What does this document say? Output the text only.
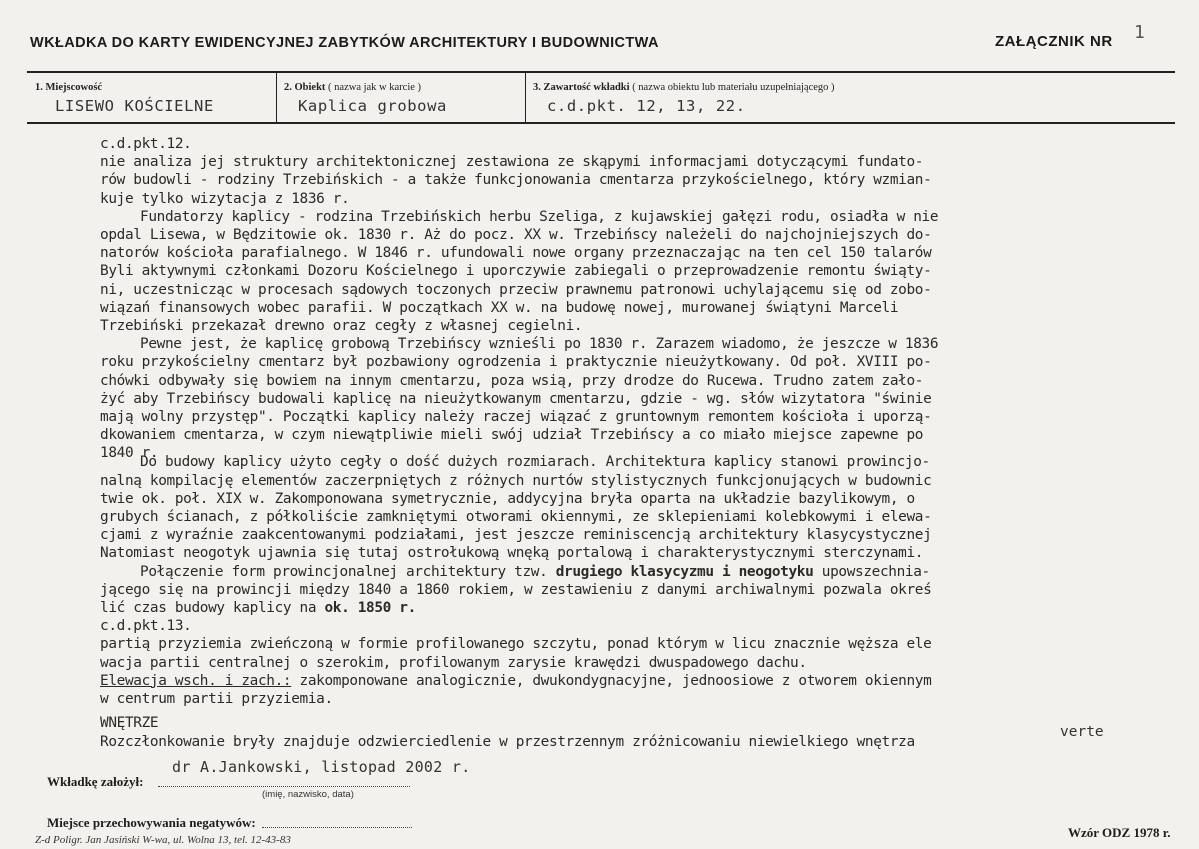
WKŁADKA DO KARTY EWIDENCYJNEJ ZABYTKÓW ARCHITEKTURY I BUDOWNICTWA	ZAŁĄCZNIK NR 1
1. Miejscowość
LISEWO KOŚCIELNE
2. Obiekt ( nazwa jak w karcie )
Kaplica grobowa
3. Zawartość wkładki ( nazwa obiektu lub materiału uzupełniającego )
c.d.pkt. 12, 13, 22.
c.d.pkt.12.
nie analiza jej struktury architektonicznej zestawiona ze skąpymi informacjami dotyczącymi fundato-
rów budowli - rodziny Trzebińskich - a także funkcjonowania cmentarza przykościelnego, który wzmian-
kuje tylko wizytacja z 1836 r.
Fundatorzy kaplicy - rodzina Trzebińskich herbu Szeliga, z kujawskiej gałęzi rodu, osiadła w nie
opdal Lisewa, w Będzitowie ok. 1830 r. Aż do pocz. XX w. Trzebińscy należeli do najchojniejszych do-
natorów kościoła parafialnego. W 1846 r. ufundowali nowe organy przeznaczając na ten cel 150 talarów
Byli aktywnymi członkami Dozoru Kościelnego i uporczywie zabiegali o przeprowadzenie remontu świąty-
ni, uczestnicząc w procesach sądowych toczonych przeciw prawnemu patronowi uchylającemu się od zobo-
wiązań finansowych wobec parafii. W początkach XX w. na budowę nowej, murowanej świątyni Marceli
Trzebiński przekazał drewno oraz cegły z własnej cegielni.
Pewne jest, że kaplicę grobową Trzebińscy wznieśli po 1830 r. Zarazem wiadomo, że jeszcze w 1836
roku przykościelny cmentarz był pozbawiony ogrodzenia i praktycznie nieużytkowany. Od poł. XVIII po-
chówki odbywały się bowiem na innym cmentarzu, poza wsią, przy drodze do Rucewa. Trudno zatem zało-
żyć aby Trzebińscy budowali kaplicę na nieużytkowanym cmentarzu, gdzie - wg. słów wizytatora "świnie
mają wolny przystęp". Początki kaplicy należy raczej wiązać z gruntownym remontem kościoła i uporzą-
dkowaniem cmentarza, w czym niewątpliwie mieli swój udział Trzebińscy a co miało miejsce zapewne po
1840 r.
Do budowy kaplicy użyto cegły o dość dużych rozmiarach. Architektura kaplicy stanowi prowincjo-
nalną kompilację elementów zaczerpniętych z różnych nurtów stylistycznych funkcjonujących w budownic
twie ok. poł. XIX w. Zakomponowana symetrycznie, addycyjna bryła oparta na układzie bazylikowym, o
grubych ścianach, z półkoliście zamkniętymi otworami okiennymi, ze sklepieniami kolebkowymi i elewa-
cjami z wyraźnie zaakcentowanymi podziałami, jest jeszcze reminiscencją architektury klasycystycznej
Natomiast neogotyk ujawnia się tutaj ostrołukową wnęką portalową i charakterystycznymi sterczynami.
Połączenie form prowincjonalnej architektury tzw. drugiego klasycyzmu i neogotyku upowszechnia-
jącego się na prowincji między 1840 a 1860 rokiem, w zestawieniu z danymi archiwalnymi pozwala okreś
lić czas budowy kaplicy na ok. 1850 r.
c.d.pkt.13.
partią przyziemia zwieńczoną w formie profilowanego szczytu, ponad którym w licu znacznie węższa ele
wacja partii centralnej o szerokim, profilowanym zarysie krawędzi dwuspadowego dachu.
Elewacja wsch. i zach.: zakomponowane analogicznie, dwukondygnacyjne, jednoosiowe z otworem okiennym
w centrum partii przyziemia.
WNĘTRZE
Rozczłonkowanie bryły znajduje odzwierciedlenie w przestrzennym zróżnicowaniu niewielkiego wnętrza
verte
dr A.Jankowski, listopad 2002 r.
Wkładkę założył:
(imię, nazwisko, data)
Miejsce przechowywania negatywów:
Z-d Poligr. Jan Jasiński W-wa, ul. Wolna 13, tel. 12-43-83	Wzór ODZ 1978 r.
